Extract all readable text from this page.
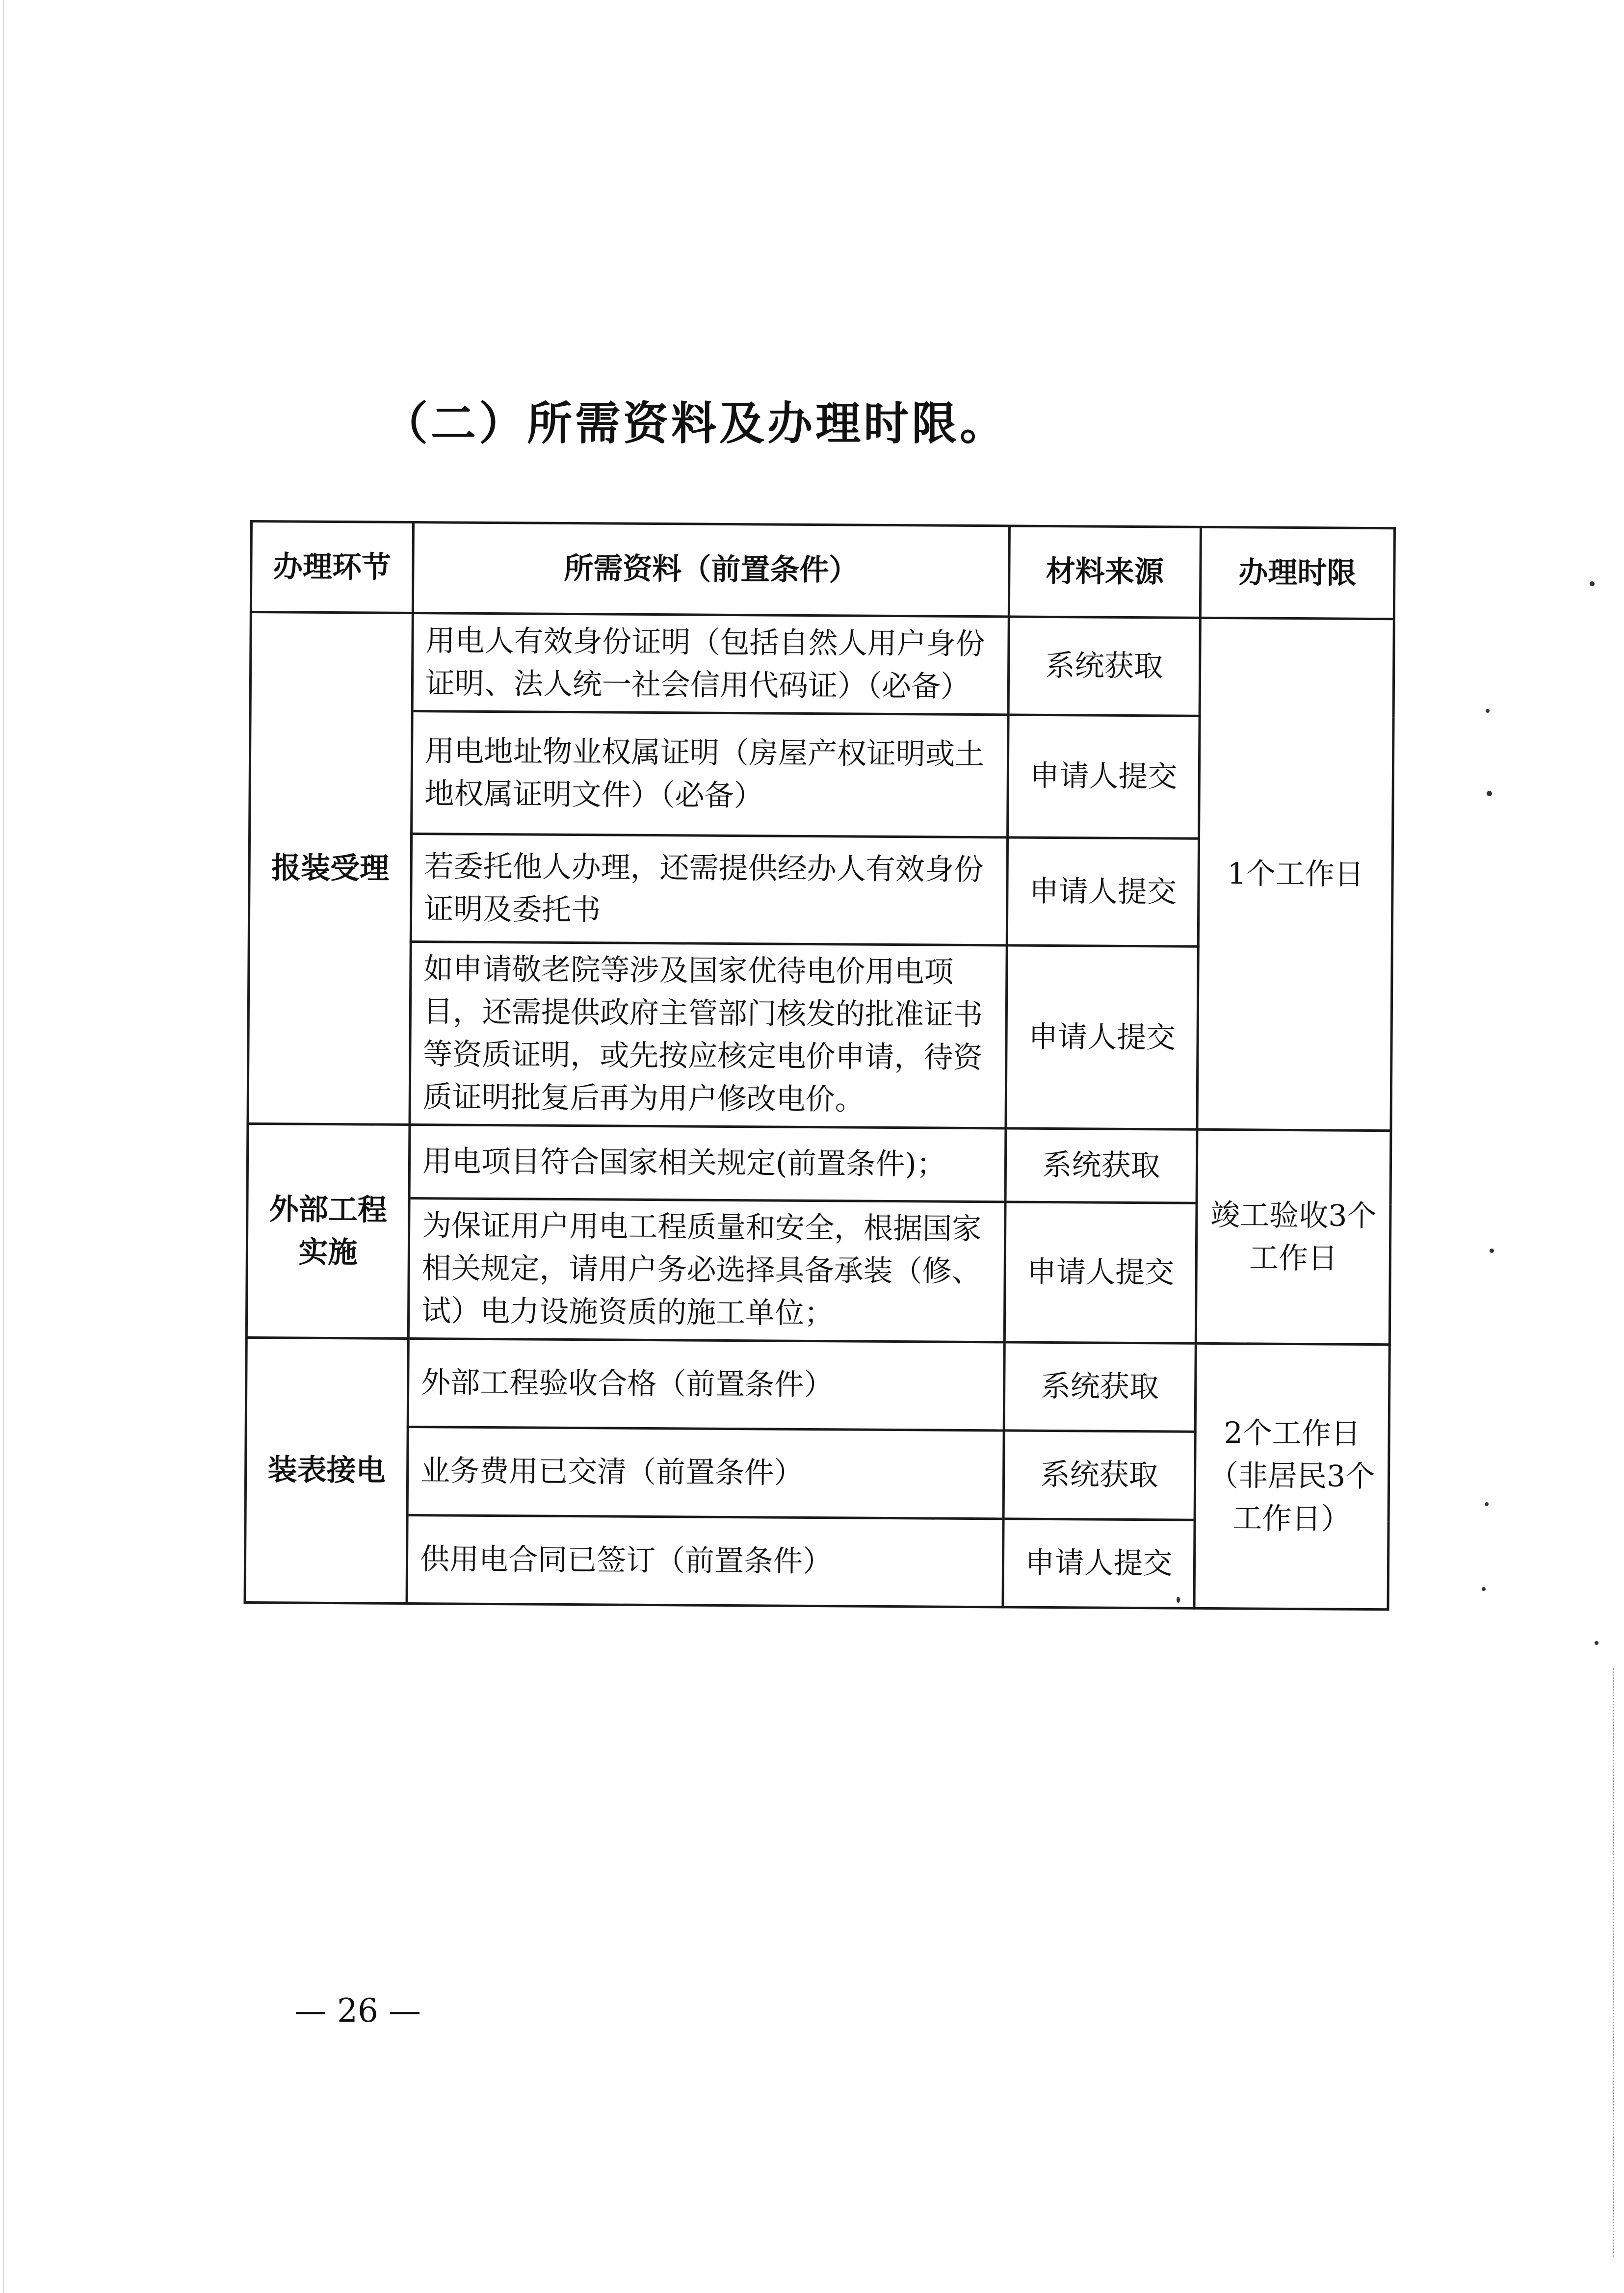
（二）所需资料及办理时限。
办理环节	所需资料（前置条件）	材料来源	办理时限
报装受理	用电人有效身份证明（包括自然人用户身份证明、法人统一社会信用代码证）（必备）	系统获取	1个工作日
	用电地址物业权属证明（房屋产权证明或土地权属证明文件）（必备）	申请人提交	
	若委托他人办理，还需提供经办人有效身份证明及委托书	申请人提交	
	如申请敬老院等涉及国家优待电价用电项目，还需提供政府主管部门核发的批准证书等资质证明，或先按应核定电价申请，待资质证明批复后再为用户修改电价。	申请人提交	
外部工程实施	用电项目符合国家相关规定(前置条件)；	系统获取	竣工验收3个工作日
	为保证用户用电工程质量和安全，根据国家相关规定，请用户务必选择具备承装（修、试）电力设施资质的施工单位；	申请人提交	
装表接电	外部工程验收合格（前置条件）	系统获取	2个工作日（非居民3个工作日）
	业务费用已交清（前置条件）	系统获取	
	供用电合同已签订（前置条件）	申请人提交	
— 26 —
